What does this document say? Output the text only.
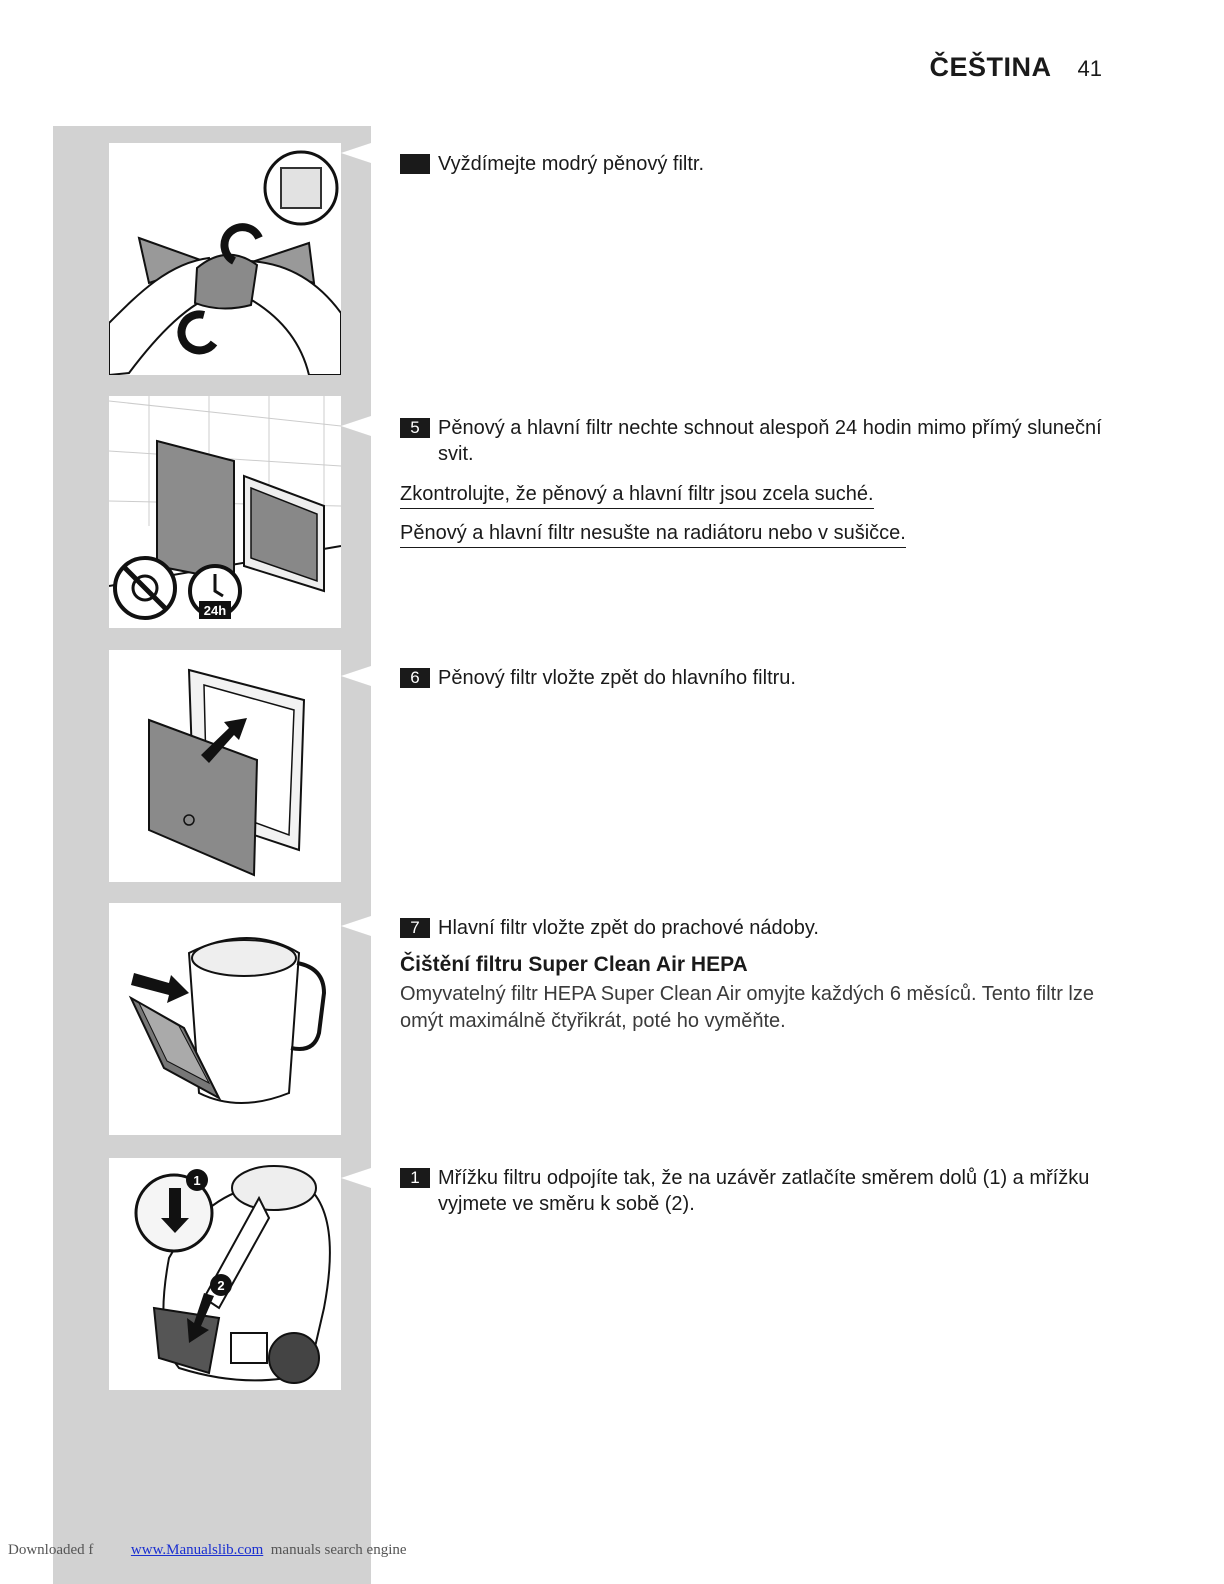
ČEŠTINA 41
24h
1
2
Vyždímejte modrý pěnový filtr.
5 Pěnový a hlavní filtr nechte schnout alespoň 24 hodin mimo přímý sluneční svit.
Zkontrolujte, že pěnový a hlavní filtr jsou zcela suché.
Pěnový a hlavní filtr nesušte na radiátoru nebo v sušičce.
6 Pěnový filtr vložte zpět do hlavního filtru.
7 Hlavní filtr vložte zpět do prachové nádoby.
Čištění filtru Super Clean Air HEPA
Omyvatelný filtr HEPA Super Clean Air omyjte každých 6 měsíců. Tento filtr lze omýt maximálně čtyřikrát, poté ho vyměňte.
1 Mřížku filtru odpojíte tak, že na uzávěr zatlačíte směrem dolů (1) a mřížku vyjmete ve směru k sobě (2).
Downloaded f	www.Manualslib.com manuals search engine
